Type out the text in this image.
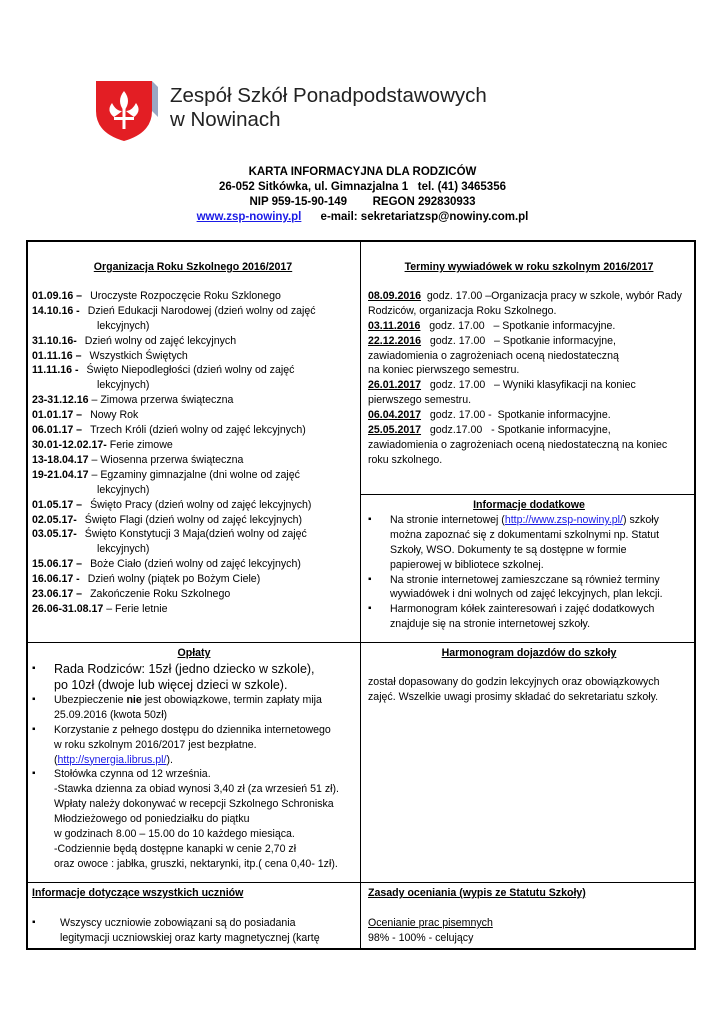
Zespół Szkół Ponadpodstawowych
w Nowinach
KARTA INFORMACYJNA DLA RODZICÓW
26-052 Sitkówka, ul. Gimnazjalna 1   tel. (41) 3465356
NIP 959-15-90-149        REGON 292830933
www.zsp-nowiny.pl      e-mail: sekretariatzsp@nowiny.com.pl
Organizacja Roku Szkolnego 2016/2017
01.09.16 – Uroczyste Rozpoczęcie Roku Szklonego
14.10.16 - Dzień Edukacji Narodowej (dzień wolny od zajęć
lekcyjnych)
31.10.16- Dzień wolny od zajęć lekcyjnych
01.11.16 – Wszystkich Świętych
11.11.16 - Święto Niepodległości (dzień wolny od zajęć
lekcyjnych)
23-31.12.16 – Zimowa przerwa świąteczna
01.01.17 – Nowy Rok
06.01.17 – Trzech Króli (dzień wolny od zajęć lekcyjnych)
30.01-12.02.17- Ferie zimowe
13-18.04.17 – Wiosenna przerwa świąteczna
19-21.04.17 – Egzaminy gimnazjalne (dni wolne od zajęć
lekcyjnych)
01.05.17 – Święto Pracy (dzień wolny od zajęć lekcyjnych)
02.05.17- Święto Flagi (dzień wolny od zajęć lekcyjnych)
03.05.17- Święto Konstytucji 3 Maja(dzień wolny od zajęć
lekcyjnych)
15.06.17 – Boże Ciało (dzień wolny od zajęć lekcyjnych)
16.06.17 - Dzień wolny (piątek po Bożym Ciele)
23.06.17 – Zakończenie Roku Szkolnego
26.06-31.08.17 – Ferie letnie
Terminy wywiadówek w roku szkolnym 2016/2017
08.09.2016  godz. 17.00 –Organizacja pracy w szkole, wybór Rady
Rodziców, organizacja Roku Szkolnego.
03.11.2016   godz. 17.00   – Spotkanie informacyjne.
22.12.2016   godz. 17.00   – Spotkanie informacyjne,
zawiadomienia o zagrożeniach oceną niedostateczną
na koniec pierwszego semestru.
26.01.2017   godz. 17.00   – Wyniki klasyfikacji na koniec
pierwszego semestru.
06.04.2017   godz. 17.00 -  Spotkanie informacyjne.
25.05.2017   godz.17.00   - Spotkanie informacyjne,
zawiadomienia o zagrożeniach oceną niedostateczną na koniec
roku szkolnego.
Informacje dodatkowe
▪ Na stronie internetowej (http://www.zsp-nowiny.pl/) szkoły
można zapoznać się z dokumentami szkolnymi np. Statut
Szkoły, WSO. Dokumenty te są dostępne w formie
papierowej w bibliotece szkolnej.
▪ Na stronie internetowej zamieszczane są również terminy
wywiadówek i dni wolnych od zajęć lekcyjnych, plan lekcji.
▪ Harmonogram kółek zainteresowań i zajęć dodatkowych
znajduje się na stronie internetowej szkoły.
Opłaty
▪ Rada Rodziców: 15zł (jedno dziecko w szkole),
po 10zł (dwoje lub więcej dzieci w szkole).
▪ Ubezpieczenie nie jest obowiązkowe, termin zapłaty mija
25.09.2016 (kwota 50zł)
▪ Korzystanie z pełnego dostępu do dziennika internetowego
w roku szkolnym 2016/2017 jest bezpłatne.
(http://synergia.librus.pl/).
▪ Stołówka czynna od 12 września.
-Stawka dzienna za obiad wynosi 3,40 zł (za wrzesień 51 zł).
Wpłaty należy dokonywać w recepcji Szkolnego Schroniska
Młodzieżowego od poniedziałku do piątku
w godzinach 8.00 – 15.00 do 10 każdego miesiąca.
-Codziennie będą dostępne kanapki w cenie 2,70 zł
oraz owoce : jabłka, gruszki, nektarynki, itp.( cena 0,40- 1zł).
Harmonogram dojazdów do szkoły
został dopasowany do godzin lekcyjnych oraz obowiązkowych
zajęć. Wszelkie uwagi prosimy składać do sekretariatu szkoły.
Informacje dotyczące wszystkich uczniów
▪ Wszyscy uczniowie zobowiązani są do posiadania
legitymacji uczniowskiej oraz karty magnetycznej (kartę
Zasady oceniania (wypis ze Statutu Szkoły)
Ocenianie prac pisemnych
98% - 100% - celujący
